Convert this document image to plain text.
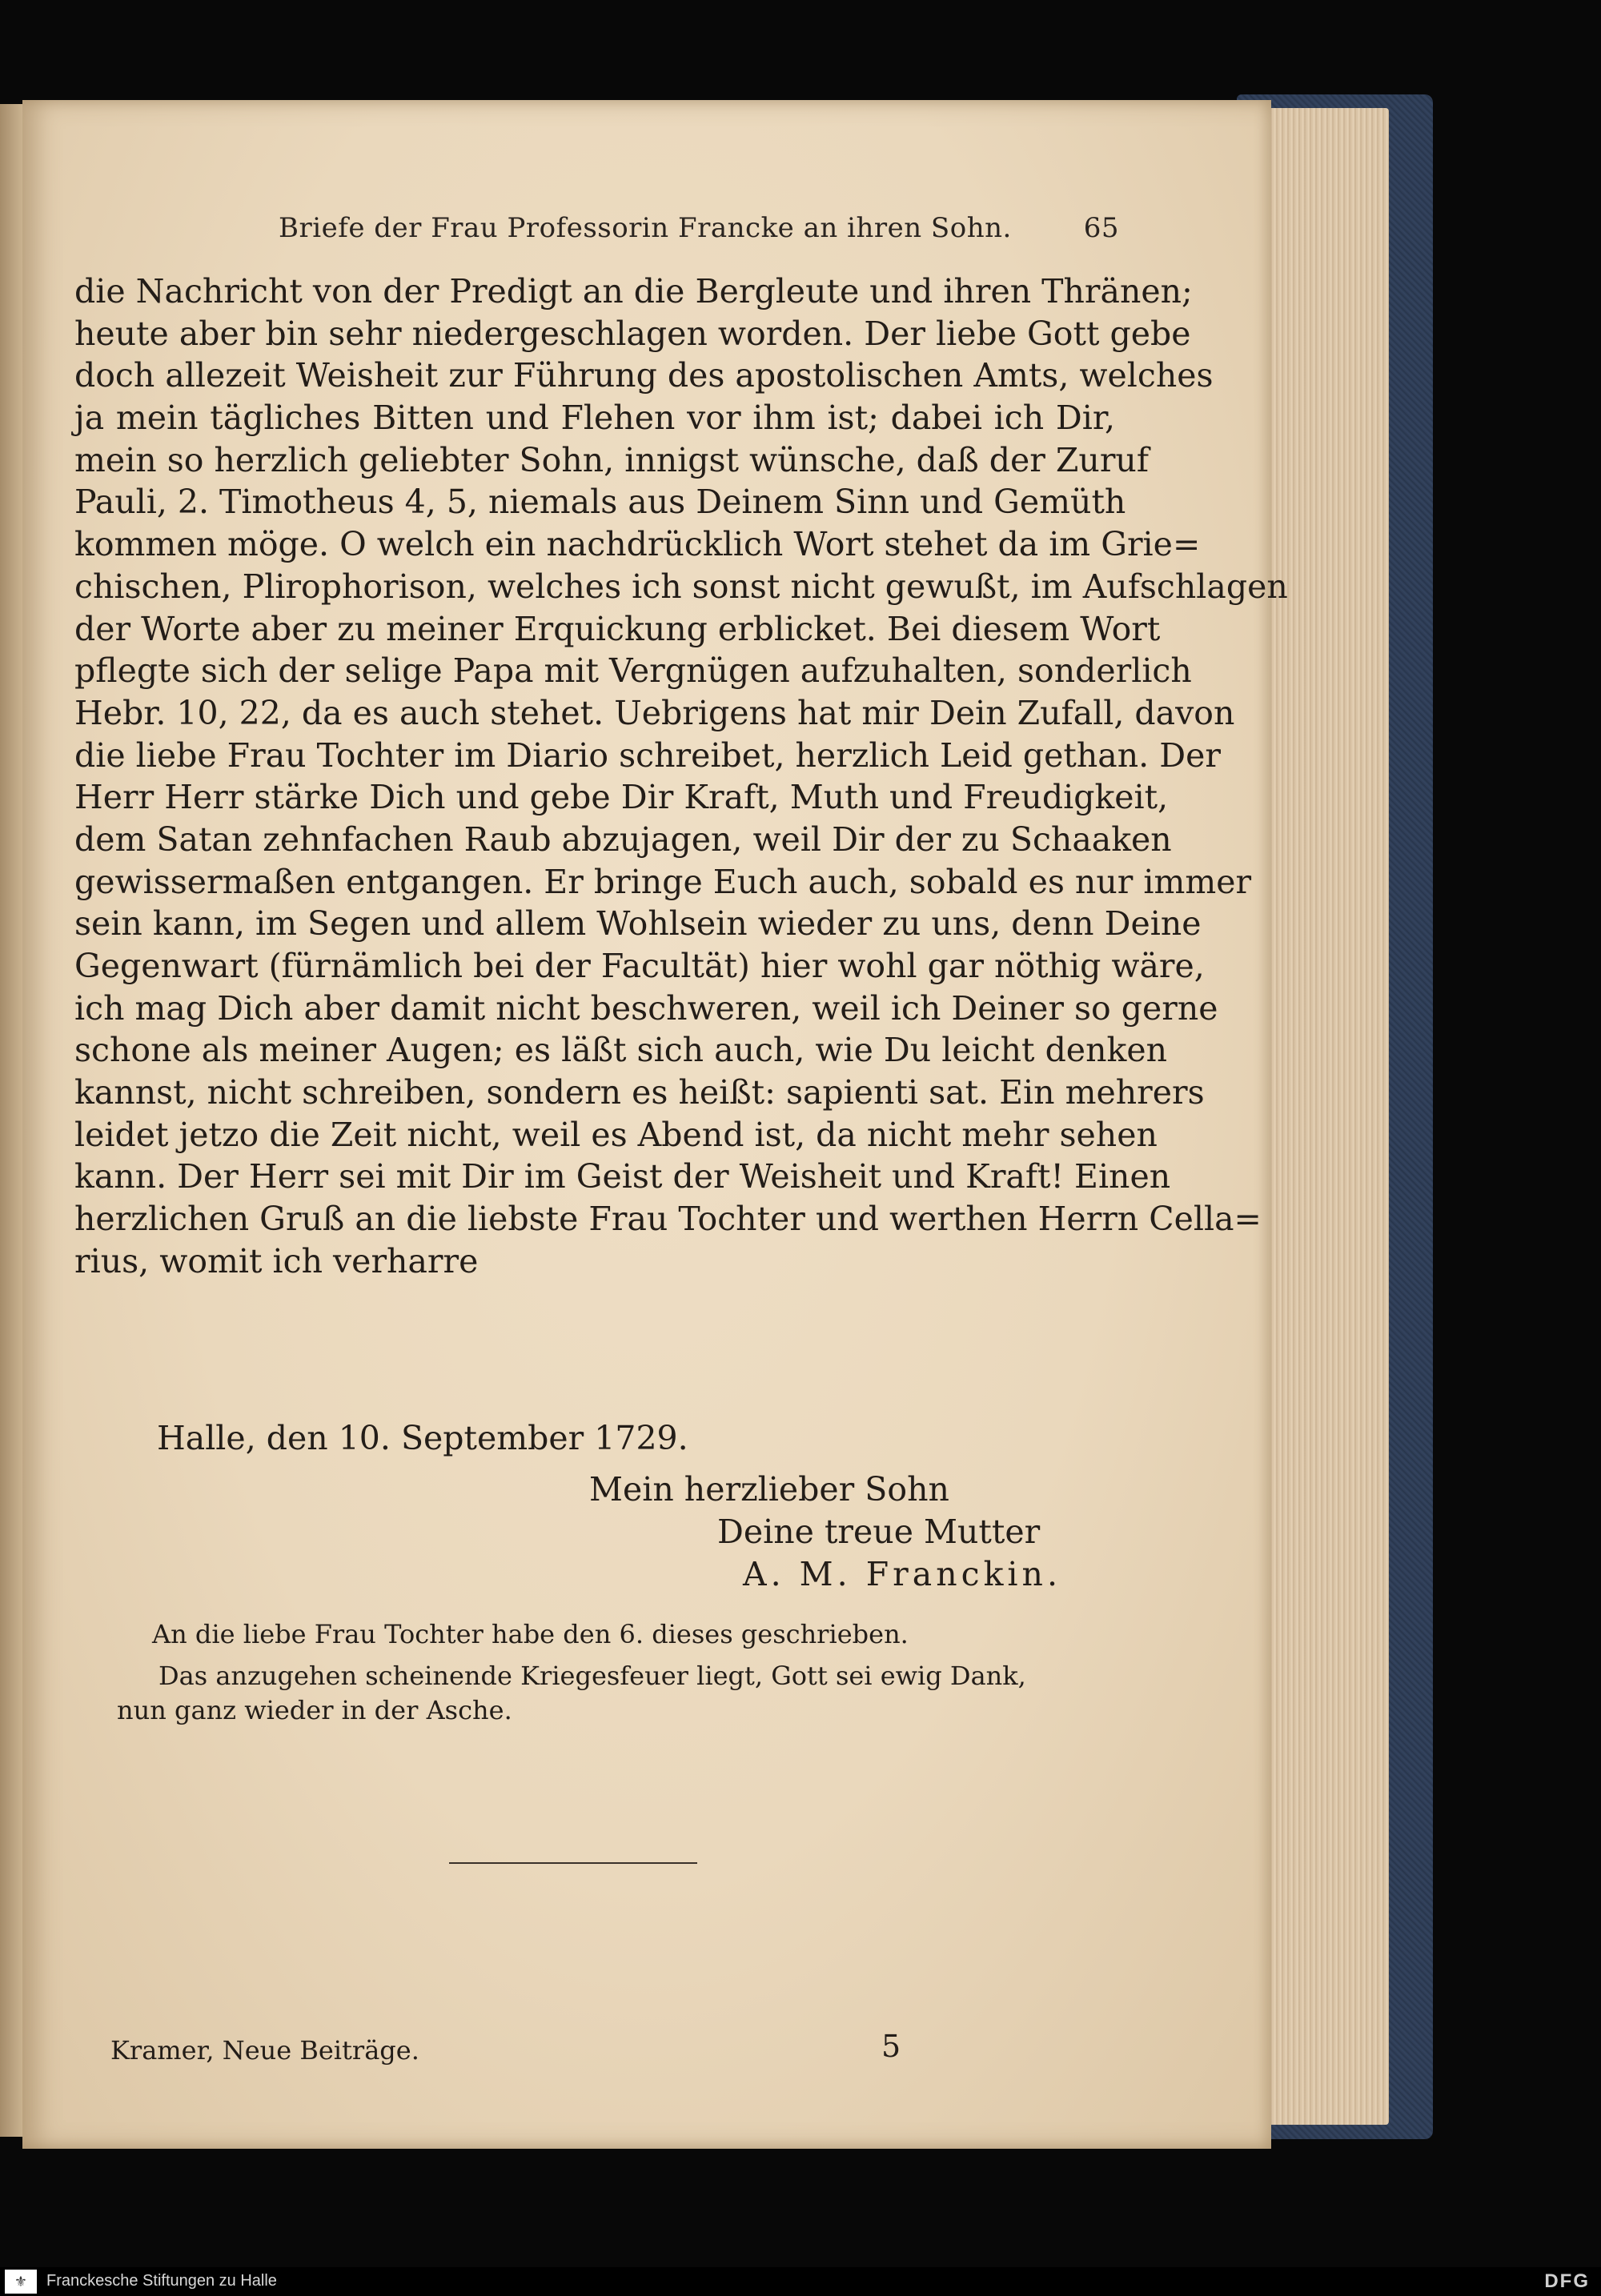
Briefe der Frau Professorin Francke an ihren Sohn.	65
die Nachricht von der Predigt an die Bergleute und ihren Thränen;
heute aber bin sehr niedergeschlagen worden. Der liebe Gott gebe
doch allezeit Weisheit zur Führung des apostolischen Amts, welches
ja mein tägliches Bitten und Flehen vor ihm ist; dabei ich Dir,
mein so herzlich geliebter Sohn, innigst wünsche, daß der Zuruf
Pauli, 2. Timotheus 4, 5, niemals aus Deinem Sinn und Gemüth
kommen möge. O welch ein nachdrücklich Wort stehet da im Grie=
chischen, Plirophorison, welches ich sonst nicht gewußt, im Aufschlagen
der Worte aber zu meiner Erquickung erblicket. Bei diesem Wort
pflegte sich der selige Papa mit Vergnügen aufzuhalten, sonderlich
Hebr. 10, 22, da es auch stehet. Uebrigens hat mir Dein Zufall, davon
die liebe Frau Tochter im Diario schreibet, herzlich Leid gethan. Der
Herr Herr stärke Dich und gebe Dir Kraft, Muth und Freudigkeit,
dem Satan zehnfachen Raub abzujagen, weil Dir der zu Schaaken
gewissermaßen entgangen. Er bringe Euch auch, sobald es nur immer
sein kann, im Segen und allem Wohlsein wieder zu uns, denn Deine
Gegenwart (fürnämlich bei der Facultät) hier wohl gar nöthig wäre,
ich mag Dich aber damit nicht beschweren, weil ich Deiner so gerne
schone als meiner Augen; es läßt sich auch, wie Du leicht denken
kannst, nicht schreiben, sondern es heißt: sapienti sat. Ein mehrers
leidet jetzo die Zeit nicht, weil es Abend ist, da nicht mehr sehen
kann. Der Herr sei mit Dir im Geist der Weisheit und Kraft! Einen
herzlichen Gruß an die liebste Frau Tochter und werthen Herrn Cella=
rius, womit ich verharre
Halle, den 10. September 1729.
Mein herzlieber Sohn
Deine treue Mutter
A. M. Franckin.
An die liebe Frau Tochter habe den 6. dieses geschrieben.
Das anzugehen scheinende Kriegesfeuer liegt, Gott sei ewig Dank,
nun ganz wieder in der Asche.
Kramer, Neue Beiträge.	5
⚜	Franckesche Stiftungen zu Halle	DFG
